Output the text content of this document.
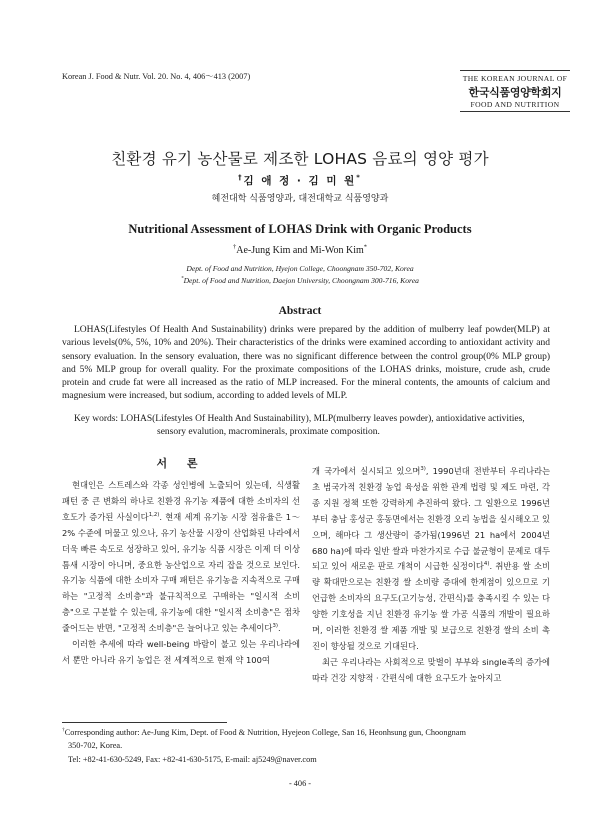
Korean J. Food & Nutr. Vol. 20. No. 4, 406～413 (2007)	THE KOREAN JOURNAL OF
한국식품영양학회지
FOOD AND NUTRITION
친환경 유기 농산물로 제조한 LOHAS 음료의 영양 평가
†김 애 정 · 김 미 원*
혜전대학 식품영양과, 대전대학교 식품영양과
Nutritional Assessment of LOHAS Drink with Organic Products
†Ae-Jung Kim and Mi-Won Kim*
Dept. of Food and Nutrition, Hyejon College, Choongnam 350-702, Korea
*Dept. of Food and Nutrition, Daejon University, Choongnam 300-716, Korea
Abstract
LOHAS(Lifestyles Of Health And Sustainability) drinks were prepared by the addition of mulberry leaf powder(MLP) at various levels(0%, 5%, 10% and 20%). Their characteristics of the drinks were examined according to antioxidant activity and sensory evaluation. In the sensory evaluation, there was no significant difference between the control group(0% MLP group) and 5% MLP group for overall quality. For the proximate compositions of the LOHAS drinks, moisture, crude ash, crude protein and crude fat were all increased as the ratio of MLP increased. For the mineral contents, the amounts of calcium and magnesium were increased, but sodium, according to added levels of MLP.
Key words: LOHAS(Lifestyles Of Health And Sustainability), MLP(mulberry leaves powder), antioxidative activities,
sensory evalution, macrominerals, proximate composition.
서 론

현대인은 스트레스와 각종 성인병에 노출되어 있는데, 식생활 패턴 중 큰 변화의 하나로 친환경 유기농 제품에 대한 소비자의 선호도가 증가된 사실이다$^{1,2)}$. 현재 세계 유기농 시장 점유율은 1～2% 수준에 머물고 있으나, 유기 농산물 시장이 산업화된 나라에서 더욱 빠른 속도로 성장하고 있어, 유기농 식품 시장은 이제 더 이상 틈새 시장이 아니며, 중요한 농산업으로 자리 잡을 것으로 보인다. 유기농 식품에 대한 소비자 구매 패턴은 유기농을 지속적으로 구매하는 "고정적 소비층"과 불규칙적으로 구매하는 "일시적 소비층"으로 구분할 수 있는데, 유기농에 대한 "일시적 소비층"은 점차 줄어드는 반면, "고정적 소비층"은 늘어나고 있는 추세이다$^{3)}$.

이러한 추세에 따라 well-being 바람이 불고 있는 우리나라에서 뿐만 아니라 유기 농업은 전 세계적으로 현재 약 100여

개 국가에서 실시되고 있으며$^{3)}$, 1990년대 전반부터 우리나라는 초 범국가적 친환경 농업 육성을 위한 관계 법령 및 제도 마련, 각종 지원 정책 또한 강력하게 추진하여 왔다. 그 일환으로 1996년부터 충남 홍성군 홍동면에서는 친환경 오리 농법을 실시해오고 있으며, 해마다 그 생산량이 증가됨(1996년 21 ha에서 2004년 680 ha)에 따라 일반 쌀과 마찬가지로 수급 불균형이 문제로 대두되고 있어 새로운 판로 개척이 시급한 실정이다$^{4)}$. 취반용 쌀 소비량 확대만으로는 친환경 쌀 소비량 증대에 한계점이 있으므로 기 언급한 소비자의 요구도(고기능성, 간편식)를 충족시킬 수 있는 다양한 기호성을 지닌 친환경 유기농 쌀 가공 식품의 개발이 필요하며, 이러한 친환경 쌀 제품 개발 및 보급으로 친환경 쌀의 소비 촉진이 향상될 것으로 기대된다.

최근 우리나라는 사회적으로 맞벌이 부부와 single족의 증가에 따라 건강 지향적 · 간편식에 대한 요구도가 높아지고

†Corresponding author: Ae-Jung Kim, Dept. of Food & Nutrition, Hyejeon College, San 16, Heonhsung gun, Choongnam
350-702, Korea.
Tel: +82-41-630-5249, Fax: +82-41-630-5175, E-mail: aj5249@naver.com
- 406 -
